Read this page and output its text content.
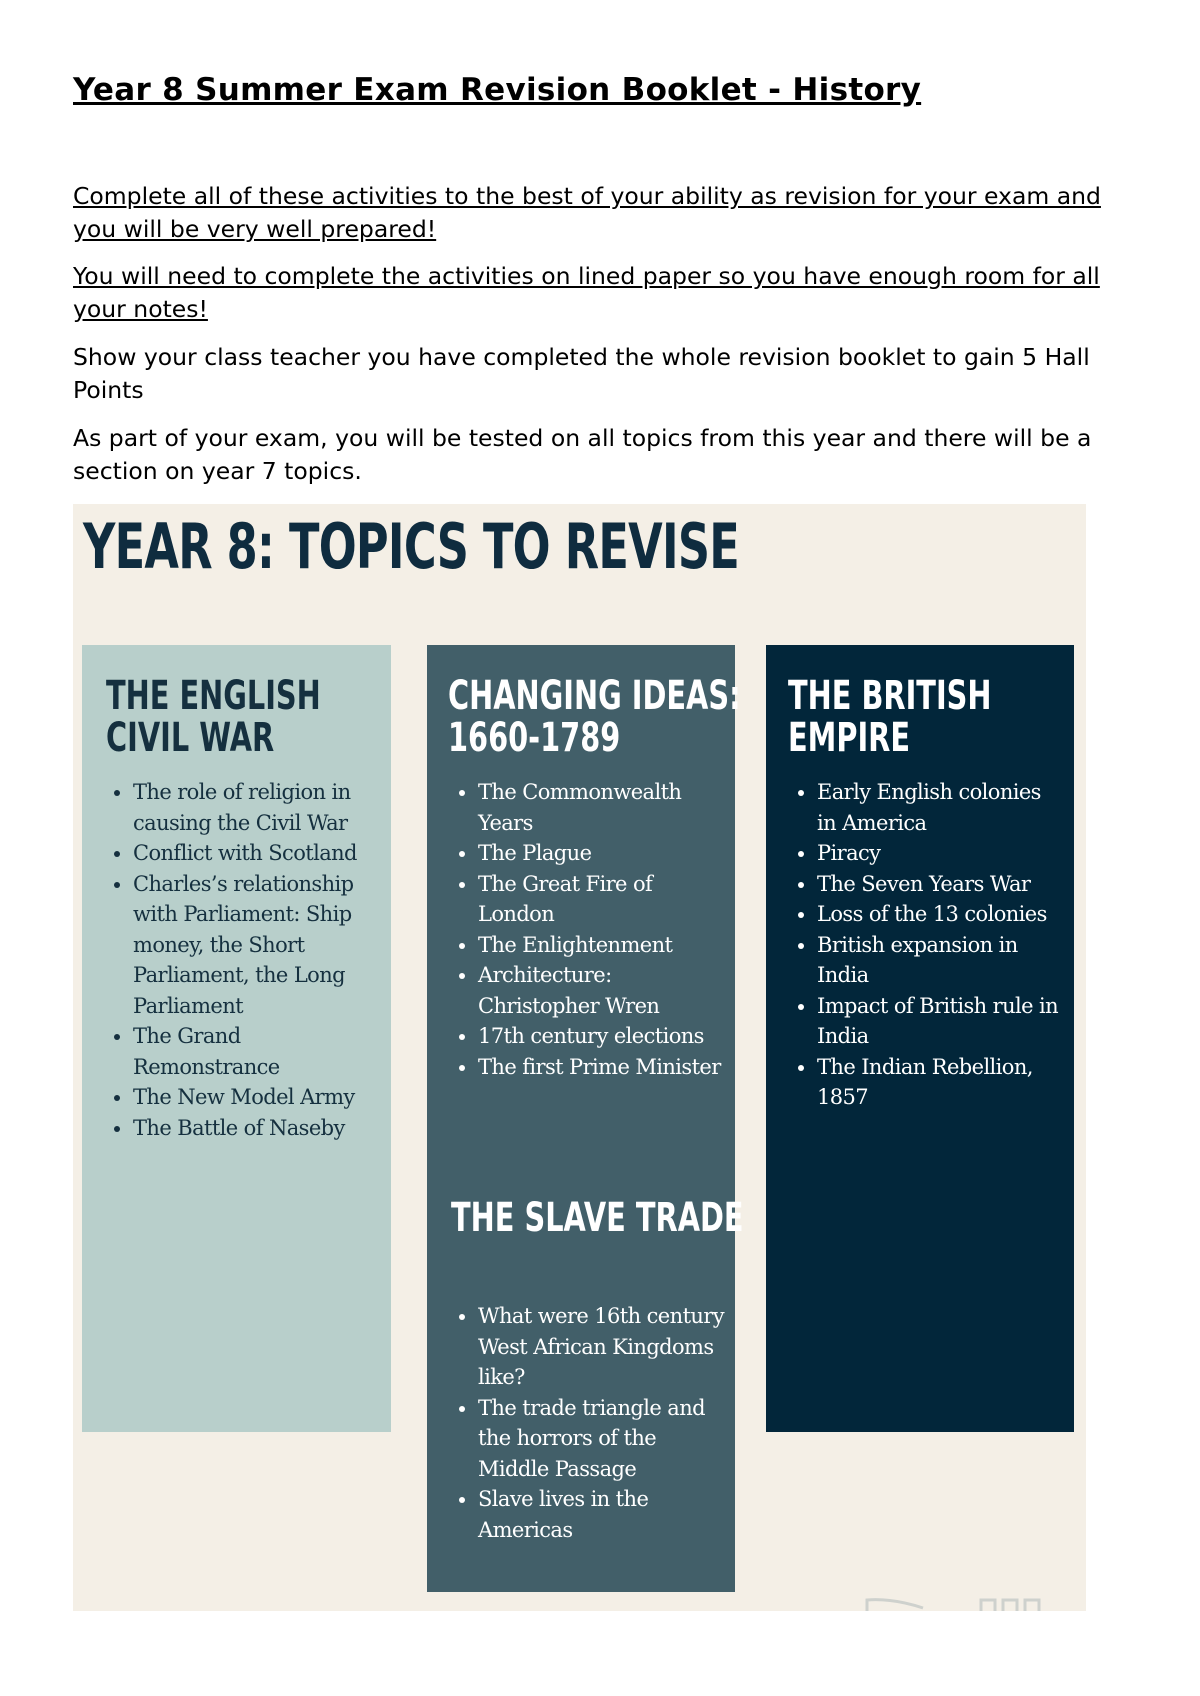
Year 8 Summer Exam Revision Booklet - History

Complete all of these activities to the best of your ability as revision for your exam and you will be very well prepared!

You will need to complete the activities on lined paper so you have enough room for all your notes!

Show your class teacher you have completed the whole revision booklet to gain 5 Hall Points

As part of your exam, you will be tested on all topics from this year and there will be a section on year 7 topics.

YEAR 8: TOPICS TO REVISE
THE ENGLISH
CIVIL WAR
• The role of religion in causing the Civil War
• Conflict with Scotland
• Charles’s relationship with Parliament: Ship money, the Short Parliament, the Long Parliament
• The Grand Remonstrance
• The New Model Army
• The Battle of Naseby
CHANGING IDEAS:
1660-1789
• The Commonwealth Years
• The Plague
• The Great Fire of London
• The Enlightenment
• Architecture: Christopher Wren
• 17th century elections
• The first Prime Minister
THE SLAVE TRADE
• What were 16th century West African Kingdoms like?
• The trade triangle and the horrors of the Middle Passage
• Slave lives in the Americas
THE BRITISH
EMPIRE
• Early English colonies in America
• Piracy
• The Seven Years War
• Loss of the 13 colonies
• British expansion in India
• Impact of British rule in India
• The Indian Rebellion, 1857
